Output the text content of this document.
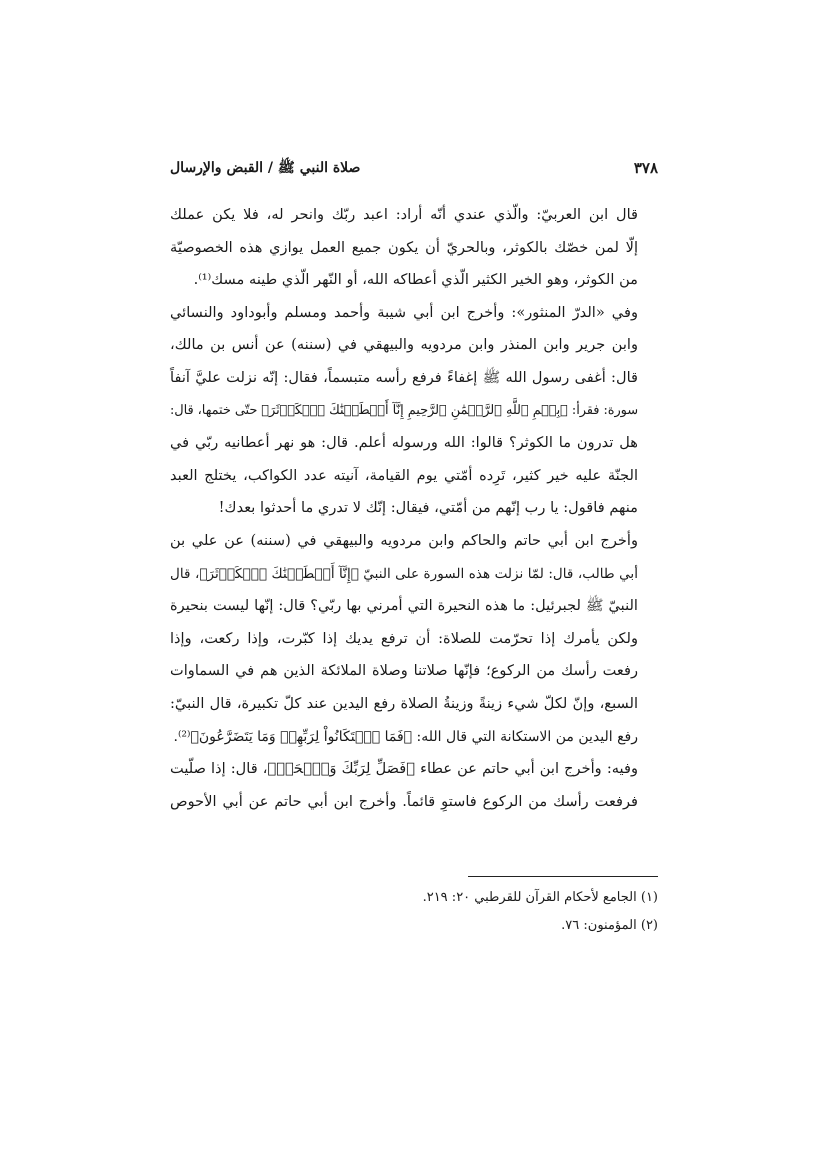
٣٧٨
صلاة النبي ﷺ / القبض والإرسال

قال ابن العربيّ: والّذي عندي أنّه أراد: اعبد ربّك وانحر له، فلا يكن عملك
إلّا لمن خصّك بالكوثر، وبالحريّ أن يكون جميع العمل يوازي هذه الخصوصيّة
من الكوثر، وهو الخير الكثير الّذي أعطاكه الله، أو النّهر الّذي طينه مسك⁽¹⁾.

وفي «الدرّ المنثور»: وأخرج ابن أبي شيبة وأحمد ومسلم وأبوداود والنسائي
وابن جرير وابن المنذر وابن مردويه والبيهقي في (سننه) عن أنس بن مالك،
قال: أغفى رسول الله ﷺ إغفاءً فرفع رأسه متبسماً، فقال: إنّه نزلت عليَّ آنفاً
سورة: فقرأ: ﴿بِسۡمِ ٱللَّهِ ٱلرَّحۡمَٰنِ ٱلرَّحِيمِ إِنَّآ أَعۡطَيۡنَٰكَ ٱلۡكَوۡثَرَ﴾ حتّى ختمها، قال:
هل تدرون ما الكوثر؟ قالوا: الله ورسوله أعلم. قال: هو نهر أعطانيه ربّي في
الجنّة عليه خير كثير، تَرِده أمّتي يوم القيامة، آنيته عدد الكواكب، يختلج العبد
منهم فاقول: يا رب إنّهم من أمّتي، فيقال: إنّك لا تدري ما أحدثوا بعدك!

وأخرج ابن أبي حاتم والحاكم وابن مردويه والبيهقي في (سننه) عن علي بن
أبي طالب، قال: لمّا نزلت هذه السورة على النبيّ ﴿إِنَّآ أَعۡطَيۡنَٰكَ ٱلۡكَوۡثَرَ﴾، قال
النبيّ ﷺ لجبرئيل: ما هذه النحيرة التي أمرني بها ربّي؟ قال: إنّها ليست بنحيرة
ولكن يأمرك إذا تحرّمت للصلاة: أن ترفع يديك إذا كبّرت، وإذا ركعت، وإذا
رفعت رأسك من الركوع؛ فإنّها صلاتنا وصلاة الملائكة الذين هم في السماوات
السبع، وإنّ لكلّ شيء زينةً وزينةُ الصلاة رفع اليدين عند كلّ تكبيرة، قال النبيّ:
رفع اليدين من الاستكانة التي قال الله: ﴿فَمَا ٱسۡتَكَانُواْ لِرَبِّهِمۡ وَمَا يَتَضَرَّعُونَ﴾⁽²⁾.

وفيه: وأخرج ابن أبي حاتم عن عطاء ﴿فَصَلِّ لِرَبِّكَ وَٱنۡحَرۡ﴾، قال: إذا صلّيت
فرفعت رأسك من الركوع فاستوِ قائماً. وأخرج ابن أبي حاتم عن أبي الأحوص

(١) الجامع لأحكام القرآن للقرطبي ٢٠: ٢١٩.
(٢) المؤمنون: ٧٦.
